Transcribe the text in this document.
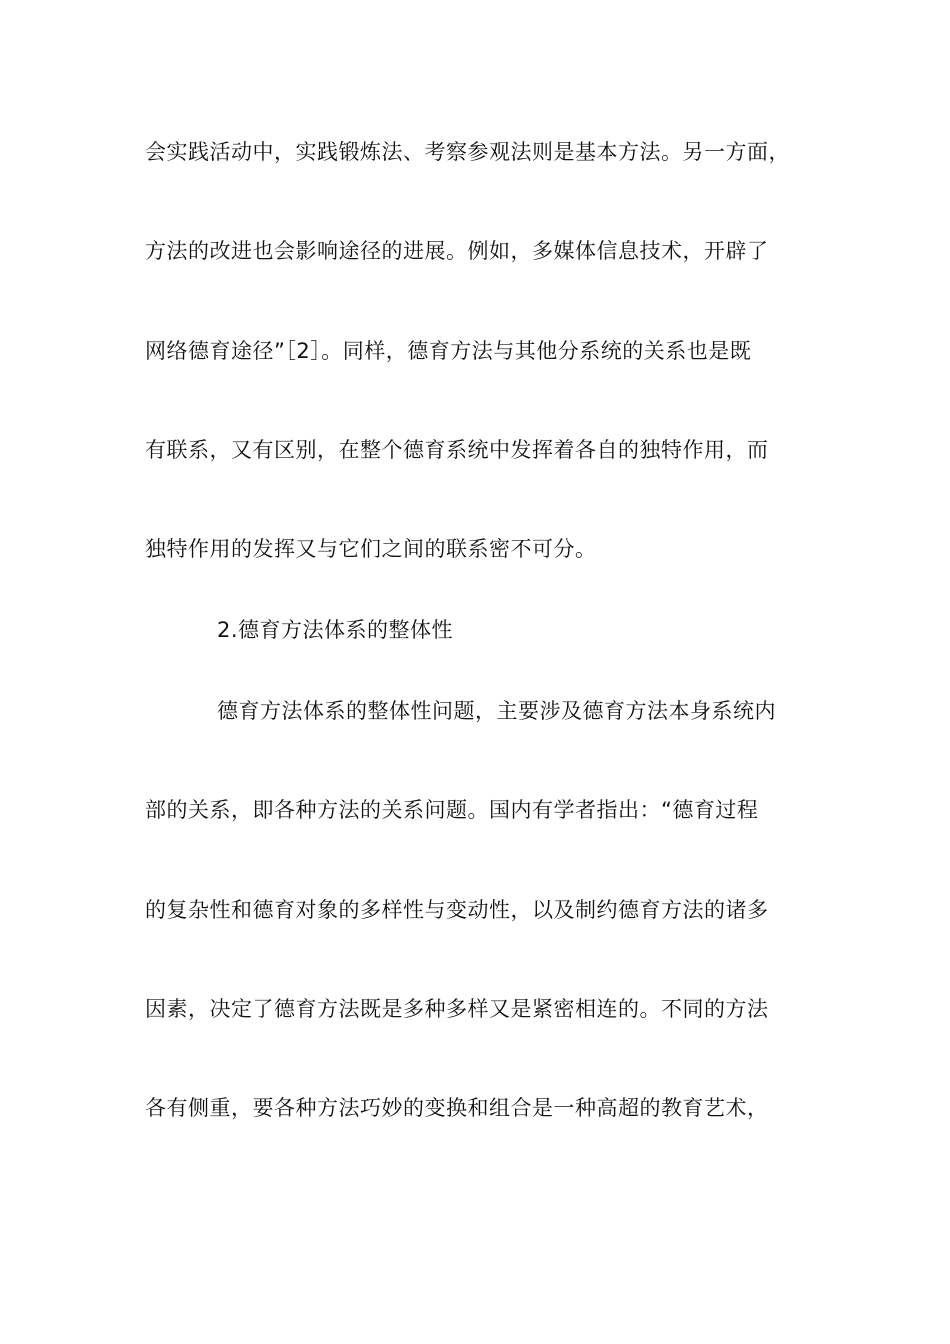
会实践活动中，实践锻炼法、考察参观法则是基本方法。另一方面，
方法的改进也会影响途径的进展。例如，多媒体信息技术，开辟了
网络德育途径”［2］。同样，德育方法与其他分系统的关系也是既
有联系，又有区别，在整个德育系统中发挥着各自的独特作用，而
独特作用的发挥又与它们之间的联系密不可分。
2.德育方法体系的整体性
德育方法体系的整体性问题，主要涉及德育方法本身系统内
部的关系，即各种方法的关系问题。国内有学者指出：“德育过程
的复杂性和德育对象的多样性与变动性，以及制约德育方法的诸多
因素，决定了德育方法既是多种多样又是紧密相连的。不同的方法
各有侧重，要各种方法巧妙的变换和组合是一种高超的教育艺术，
